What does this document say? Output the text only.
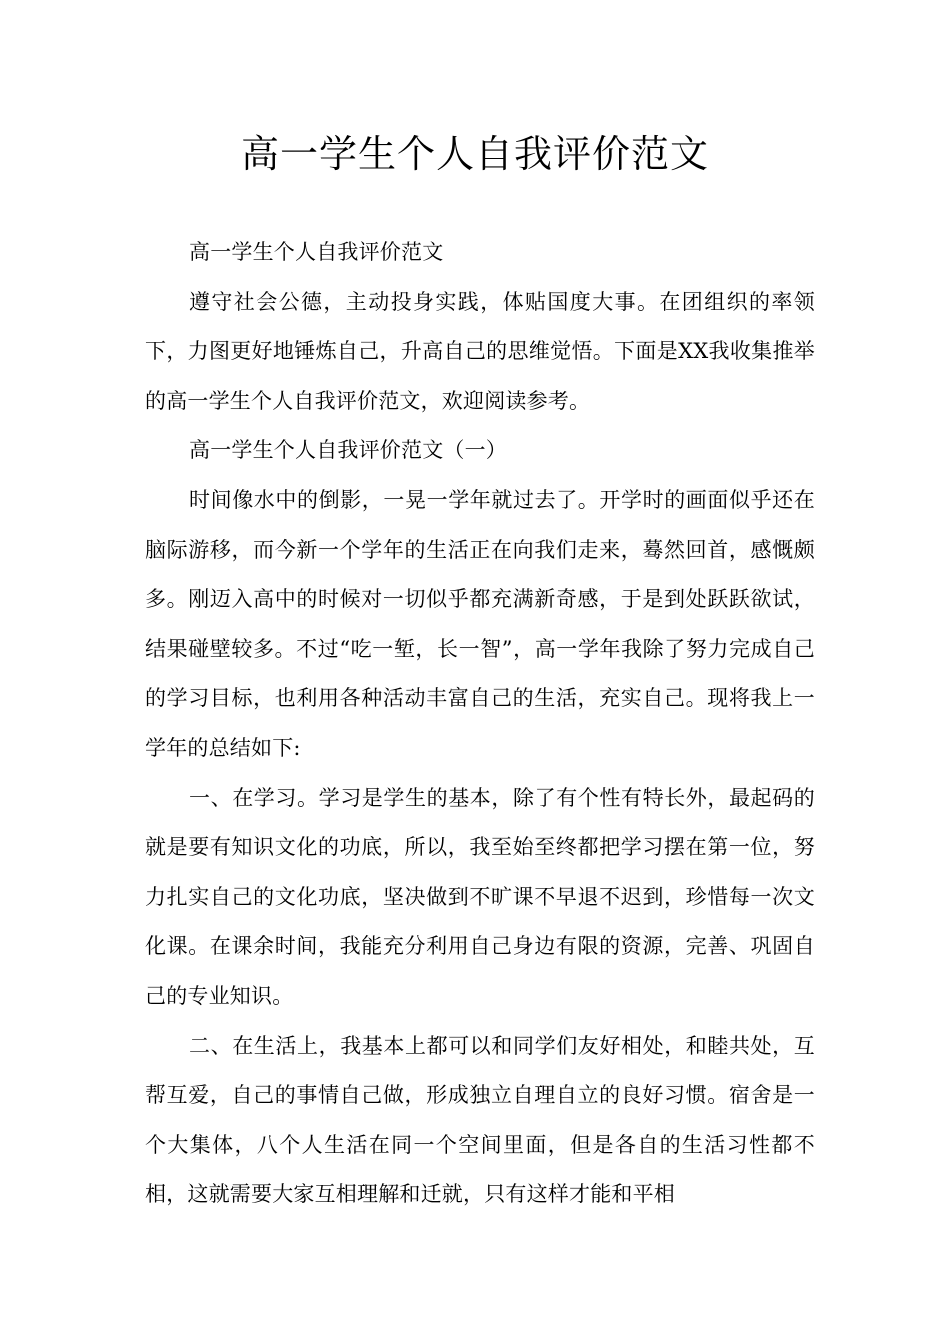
高一学生个人自我评价范文

高一学生个人自我评价范文

遵守社会公德，主动投身实践，体贴国度大事。在团组织的率领下，力图更好地锤炼自己，升高自己的思维觉悟。下面是XX我收集推举的高一学生个人自我评价范文，欢迎阅读参考。

高一学生个人自我评价范文（一）

时间像水中的倒影，一晃一学年就过去了。开学时的画面似乎还在脑际游移，而今新一个学年的生活正在向我们走来，蓦然回首，感慨颇多。刚迈入高中的时候对一切似乎都充满新奇感，于是到处跃跃欲试，结果碰壁较多。不过“吃一堑，长一智”，高一学年我除了努力完成自己的学习目标，也利用各种活动丰富自己的生活，充实自己。现将我上一学年的总结如下:

一、在学习。学习是学生的基本，除了有个性有特长外，最起码的就是要有知识文化的功底，所以，我至始至终都把学习摆在第一位，努力扎实自己的文化功底，坚决做到不旷课不早退不迟到，珍惜每一次文化课。在课余时间，我能充分利用自己身边有限的资源，完善、巩固自己的专业知识。

二、在生活上，我基本上都可以和同学们友好相处，和睦共处，互帮互爱，自己的事情自己做，形成独立自理自立的良好习惯。宿舍是一个大集体，八个人生活在同一个空间里面，但是各自的生活习性都不相，这就需要大家互相理解和迁就，只有这样才能和平相
